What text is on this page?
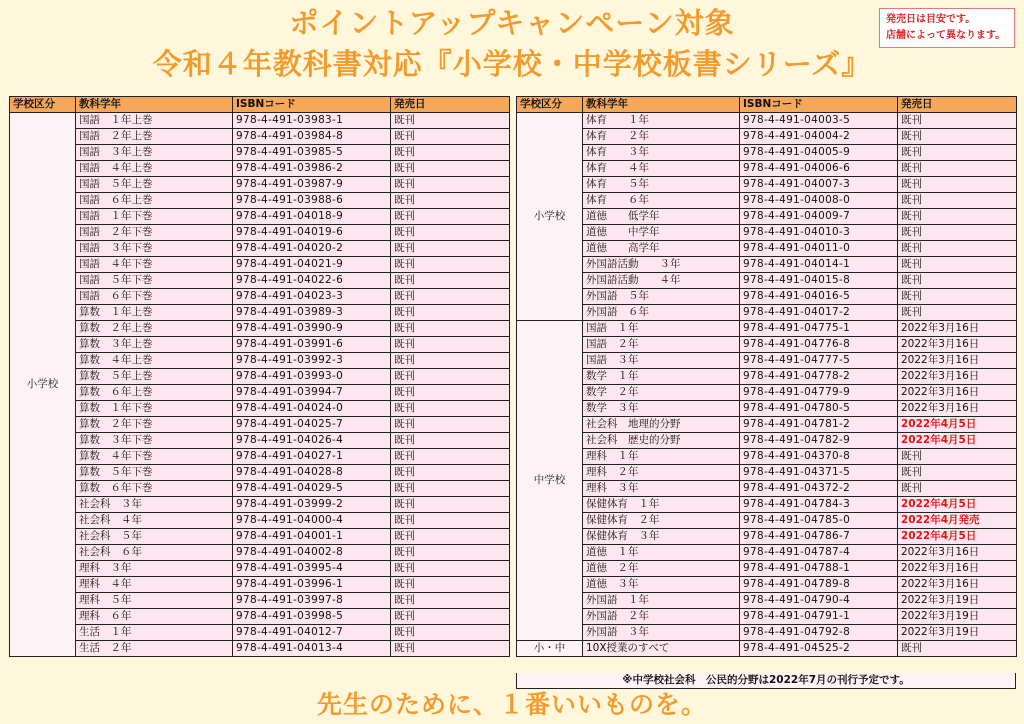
ポイントアップキャンペーン対象
令和４年教科書対応『小学校・中学校板書シリーズ』
発売日は目安です。
店舗によって異なります。
学校区分	教科学年	ISBNコード	発売日
小学校	国語　１年上巻	978-4-491-03983-1	既刊
	国語　２年上巻	978-4-491-03984-8	既刊
	国語　３年上巻	978-4-491-03985-5	既刊
	国語　４年上巻	978-4-491-03986-2	既刊
	国語　５年上巻	978-4-491-03987-9	既刊
	国語　６年上巻	978-4-491-03988-6	既刊
	国語　１年下巻	978-4-491-04018-9	既刊
	国語　２年下巻	978-4-491-04019-6	既刊
	国語　３年下巻	978-4-491-04020-2	既刊
	国語　４年下巻	978-4-491-04021-9	既刊
	国語　５年下巻	978-4-491-04022-6	既刊
	国語　６年下巻	978-4-491-04023-3	既刊
	算数　１年上巻	978-4-491-03989-3	既刊
	算数　２年上巻	978-4-491-03990-9	既刊
	算数　３年上巻	978-4-491-03991-6	既刊
	算数　４年上巻	978-4-491-03992-3	既刊
	算数　５年上巻	978-4-491-03993-0	既刊
	算数　６年上巻	978-4-491-03994-7	既刊
	算数　１年下巻	978-4-491-04024-0	既刊
	算数　２年下巻	978-4-491-04025-7	既刊
	算数　３年下巻	978-4-491-04026-4	既刊
	算数　４年下巻	978-4-491-04027-1	既刊
	算数　５年下巻	978-4-491-04028-8	既刊
	算数　６年下巻	978-4-491-04029-5	既刊
	社会科　３年	978-4-491-03999-2	既刊
	社会科　４年	978-4-491-04000-4	既刊
	社会科　５年	978-4-491-04001-1	既刊
	社会科　６年	978-4-491-04002-8	既刊
	理科　３年	978-4-491-03995-4	既刊
	理科　４年	978-4-491-03996-1	既刊
	理科　５年	978-4-491-03997-8	既刊
	理科　６年	978-4-491-03998-5	既刊
	生活　１年	978-4-491-04012-7	既刊
	生活　２年	978-4-491-04013-4	既刊
学校区分	教科学年	ISBNコード	発売日
小学校	体育　　１年	978-4-491-04003-5	既刊
	体育　　２年	978-4-491-04004-2	既刊
	体育　　３年	978-4-491-04005-9	既刊
	体育　　４年	978-4-491-04006-6	既刊
	体育　　５年	978-4-491-04007-3	既刊
	体育　　６年	978-4-491-04008-0	既刊
	道徳　　低学年	978-4-491-04009-7	既刊
	道徳　　中学年	978-4-491-04010-3	既刊
	道徳　　高学年	978-4-491-04011-0	既刊
	外国語活動　　３年	978-4-491-04014-1	既刊
	外国語活動　　４年	978-4-491-04015-8	既刊
	外国語　５年	978-4-491-04016-5	既刊
	外国語　６年	978-4-491-04017-2	既刊
中学校	国語　１年	978-4-491-04775-1	2022年3月16日
	国語　２年	978-4-491-04776-8	2022年3月16日
	国語　３年	978-4-491-04777-5	2022年3月16日
	数学　１年	978-4-491-04778-2	2022年3月16日
	数学　２年	978-4-491-04779-9	2022年3月16日
	数学　３年	978-4-491-04780-5	2022年3月16日
	社会科　地理的分野	978-4-491-04781-2	2022年4月5日
	社会科　歴史的分野	978-4-491-04782-9	2022年4月5日
	理科　１年	978-4-491-04370-8	既刊
	理科　２年	978-4-491-04371-5	既刊
	理科　３年	978-4-491-04372-2	既刊
	保健体育　１年	978-4-491-04784-3	2022年4月5日
	保健体育　２年	978-4-491-04785-0	2022年4月発売
	保健体育　３年	978-4-491-04786-7	2022年4月5日
	道徳　１年	978-4-491-04787-4	2022年3月16日
	道徳　２年	978-4-491-04788-1	2022年3月16日
	道徳　３年	978-4-491-04789-8	2022年3月16日
	外国語　１年	978-4-491-04790-4	2022年3月19日
	外国語　２年	978-4-491-04791-1	2022年3月19日
	外国語　３年	978-4-491-04792-8	2022年3月19日
小・中	10X授業のすべて	978-4-491-04525-2	既刊
※中学校社会科　公民的分野は2022年7月の刊行予定です。
先生のために、１番いいものを。
